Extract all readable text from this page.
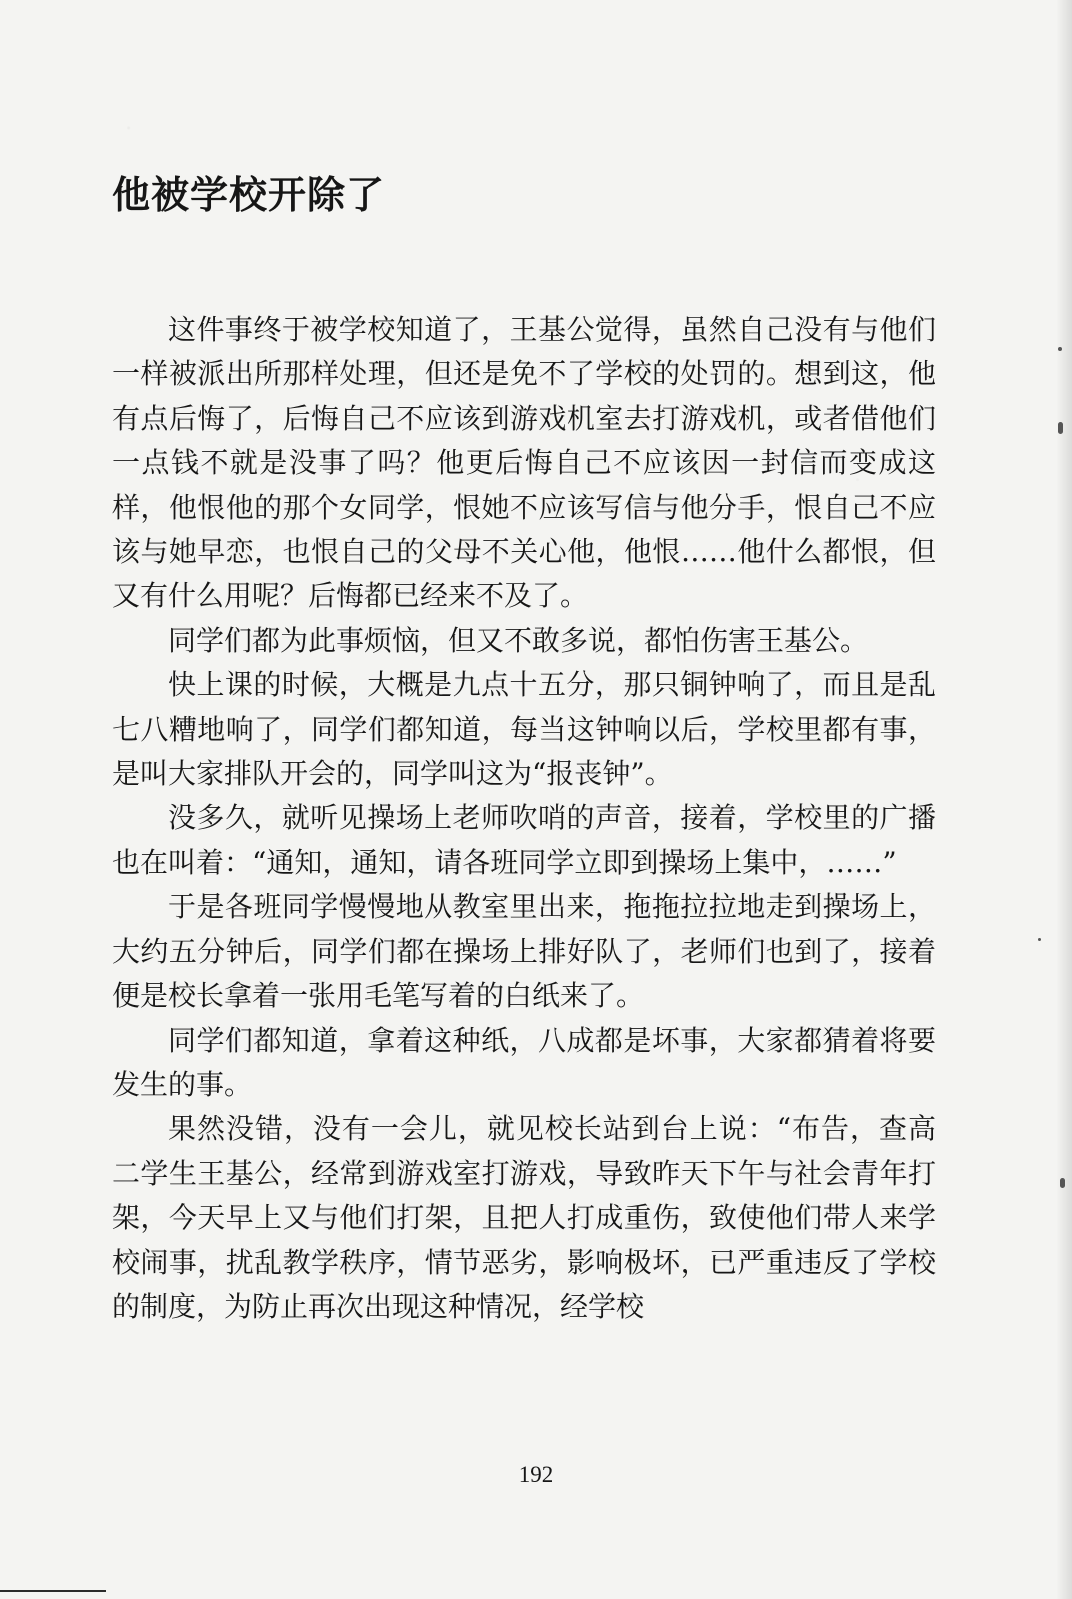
他被学校开除了

这件事终于被学校知道了，王基公觉得，虽然自己没有与他们一样被派出所那样处理，但还是免不了学校的处罚的。想到这，他有点后悔了，后悔自己不应该到游戏机室去打游戏机，或者借他们一点钱不就是没事了吗？他更后悔自己不应该因一封信而变成这样，他恨他的那个女同学，恨她不应该写信与他分手，恨自己不应该与她早恋，也恨自己的父母不关心他，他恨……他什么都恨，但又有什么用呢？后悔都已经来不及了。

同学们都为此事烦恼，但又不敢多说，都怕伤害王基公。

快上课的时候，大概是九点十五分，那只铜钟响了，而且是乱七八糟地响了，同学们都知道，每当这钟响以后，学校里都有事，是叫大家排队开会的，同学叫这为“报丧钟”。

没多久，就听见操场上老师吹哨的声音，接着，学校里的广播也在叫着：“通知，通知，请各班同学立即到操场上集中，……”

于是各班同学慢慢地从教室里出来，拖拖拉拉地走到操场上，大约五分钟后，同学们都在操场上排好队了，老师们也到了，接着便是校长拿着一张用毛笔写着的白纸来了。

同学们都知道，拿着这种纸，八成都是坏事，大家都猜着将要发生的事。

果然没错，没有一会儿，就见校长站到台上说：“布告，查高二学生王基公，经常到游戏室打游戏，导致昨天下午与社会青年打架，今天早上又与他们打架，且把人打成重伤，致使他们带人来学校闹事，扰乱教学秩序，情节恶劣，影响极坏，已严重违反了学校的制度，为防止再次出现这种情况，经学校

192
